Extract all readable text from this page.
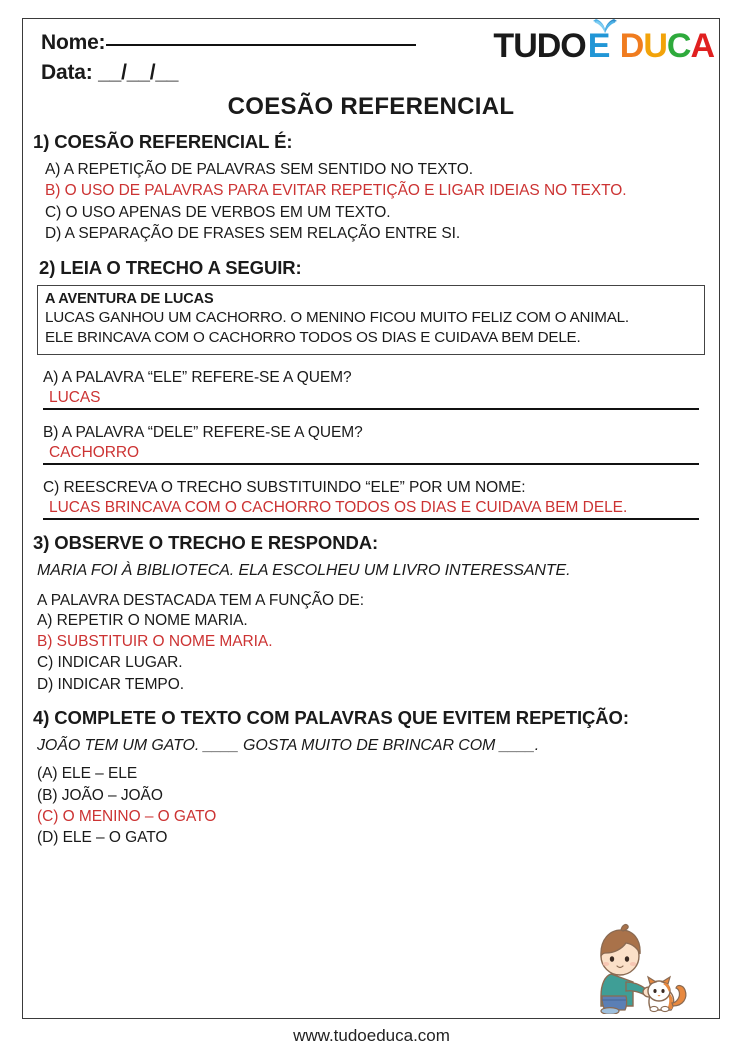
Nome:
Data: __/__/__
TUDO E DUCA
COESÃO REFERENCIAL
1) COESÃO REFERENCIAL É:
A) A REPETIÇÃO DE PALAVRAS SEM SENTIDO NO TEXTO.
B) O USO DE PALAVRAS PARA EVITAR REPETIÇÃO E LIGAR IDEIAS NO TEXTO.
C) O USO APENAS DE VERBOS EM UM TEXTO.
D) A SEPARAÇÃO DE FRASES SEM RELAÇÃO ENTRE SI.
2) LEIA O TRECHO A SEGUIR:
A AVENTURA DE LUCAS
LUCAS GANHOU UM CACHORRO. O MENINO FICOU MUITO FELIZ COM O ANIMAL.
ELE BRINCAVA COM O CACHORRO TODOS OS DIAS E CUIDAVA BEM DELE.
A) A PALAVRA “ELE” REFERE-SE A QUEM?
LUCAS
B) A PALAVRA “DELE” REFERE-SE A QUEM?
CACHORRO
C) REESCREVA O TRECHO SUBSTITUINDO “ELE” POR UM NOME:
LUCAS BRINCAVA COM O CACHORRO TODOS OS DIAS E CUIDAVA BEM DELE.
3) OBSERVE O TRECHO E RESPONDA:
MARIA FOI À BIBLIOTECA. ELA ESCOLHEU UM LIVRO INTERESSANTE.
A PALAVRA DESTACADA TEM A FUNÇÃO DE:
A) REPETIR O NOME MARIA.
B) SUBSTITUIR O NOME MARIA.
C) INDICAR LUGAR.
D) INDICAR TEMPO.
4) COMPLETE O TEXTO COM PALAVRAS QUE EVITEM REPETIÇÃO:
JOÃO TEM UM GATO. ____ GOSTA MUITO DE BRINCAR COM ____.
(A) ELE – ELE
(B) JOÃO – JOÃO
(C) O MENINO – O GATO
(D) ELE – O GATO
www.tudoeduca.com
